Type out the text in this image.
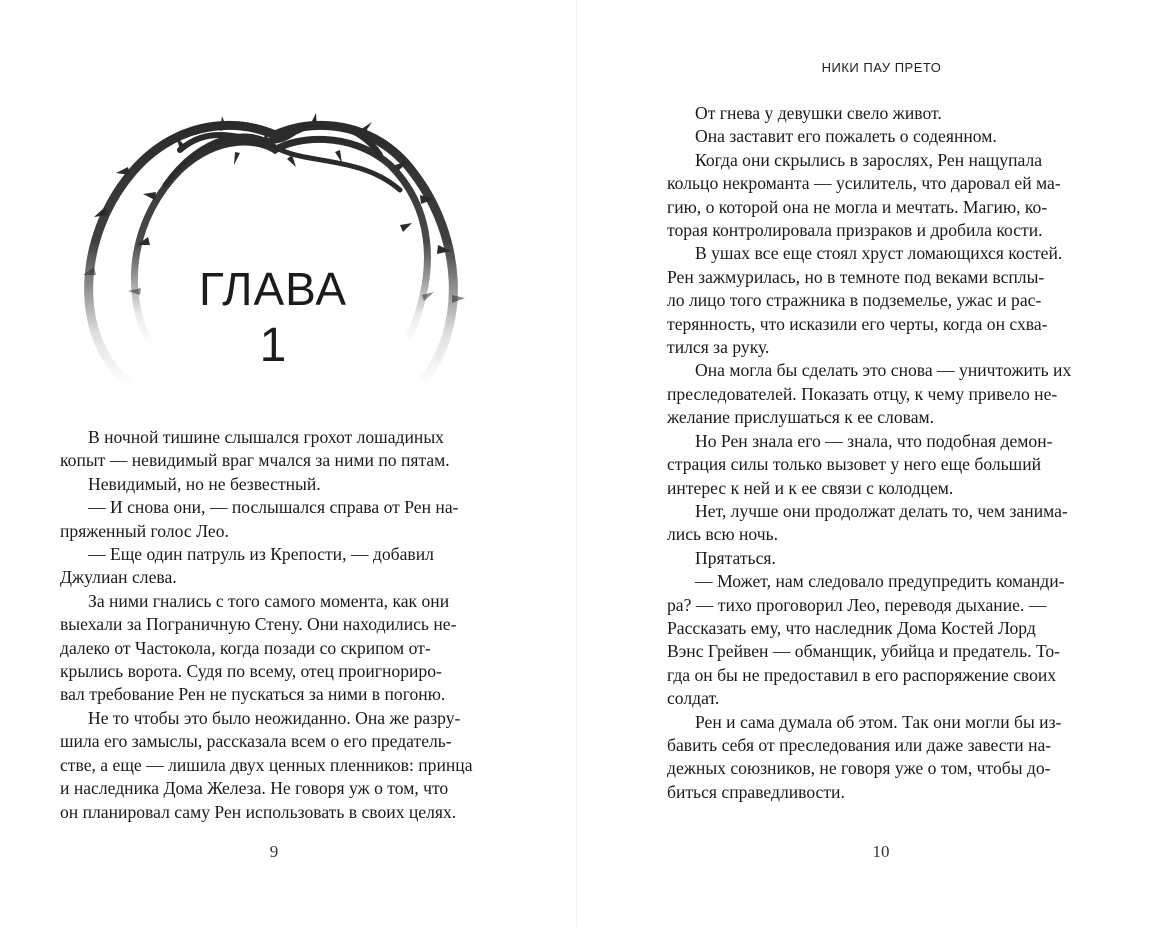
ГЛАВА
1
В ночной тишине слышался грохот лошадиных
копыт — невидимый враг мчался за ними по пятам.
Невидимый, но не безвестный.
— И снова они, — послышался справа от Рен на-
пряженный голос Лео.
— Еще один патруль из Крепости, — добавил
Джулиан слева.
За ними гнались с того самого момента, как они
выехали за Пограничную Стену. Они находились не-
далеко от Частокола, когда позади со скрипом от-
крылись ворота. Судя по всему, отец проигнориро-
вал требование Рен не пускаться за ними в погоню.
Не то чтобы это было неожиданно. Она же разру-
шила его замыслы, рассказала всем о его предатель-
стве, а еще — лишила двух ценных пленников: принца
и наследника Дома Железа. Не говоря уж о том, что
он планировал саму Рен использовать в своих целях.
9
НИКИ ПАУ ПРЕТО
От гнева у девушки свело живот.
Она заставит его пожалеть о содеянном.
Когда они скрылись в зарослях, Рен нащупала
кольцо некроманта — усилитель, что даровал ей ма-
гию, о которой она не могла и мечтать. Магию, ко-
торая контролировала призраков и дробила кости.
В ушах все еще стоял хруст ломающихся костей.
Рен зажмурилась, но в темноте под веками всплы-
ло лицо того стражника в подземелье, ужас и рас-
терянность, что исказили его черты, когда он схва-
тился за руку.
Она могла бы сделать это снова — уничтожить их
преследователей. Показать отцу, к чему привело не-
желание прислушаться к ее словам.
Но Рен знала его — знала, что подобная демон-
страция силы только вызовет у него еще больший
интерес к ней и к ее связи с колодцем.
Нет, лучше они продолжат делать то, чем занима-
лись всю ночь.
Прятаться.
— Может, нам следовало предупредить команди-
ра? — тихо проговорил Лео, переводя дыхание. —
Рассказать ему, что наследник Дома Костей Лорд
Вэнс Грейвен — обманщик, убийца и предатель. То-
гда он бы не предоставил в его распоряжение своих
солдат.
Рен и сама думала об этом. Так они могли бы из-
бавить себя от преследования или даже завести на-
дежных союзников, не говоря уже о том, чтобы до-
биться справедливости.
10
